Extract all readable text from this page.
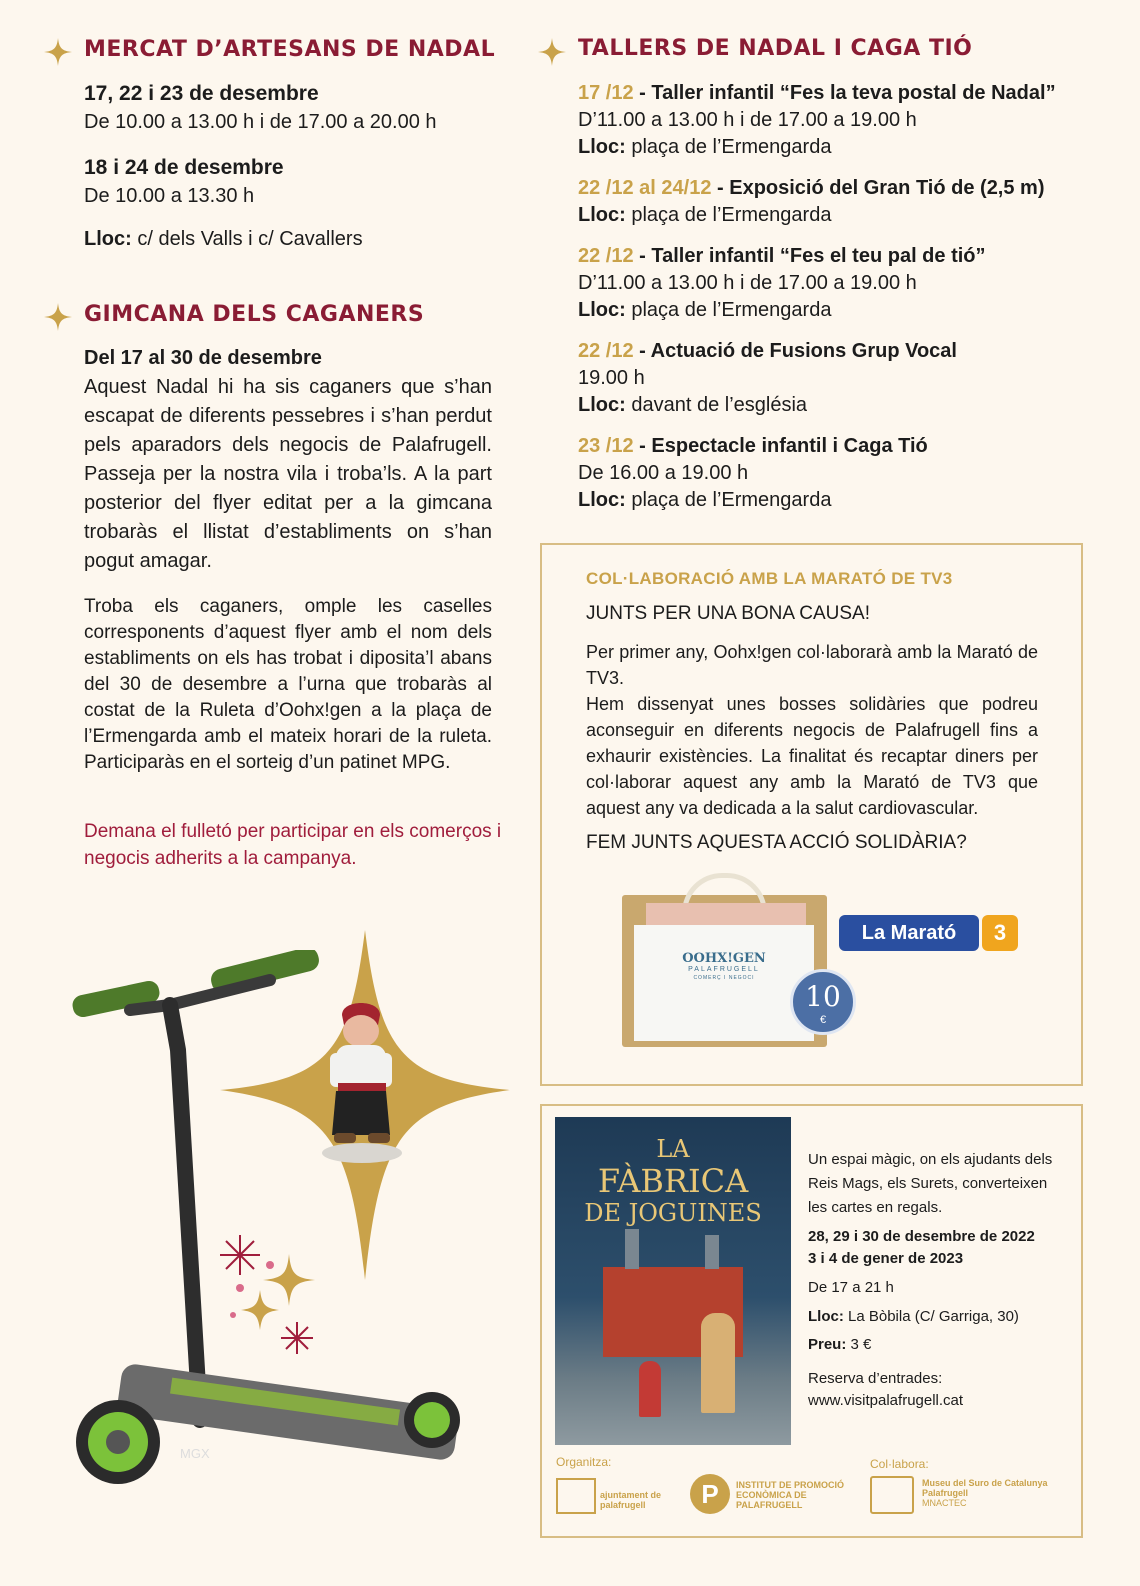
MERCAT D’ARTESANS DE NADAL
17, 22 i 23 de desembre
De 10.00 a 13.00 h i de 17.00 a 20.00 h
18 i 24 de desembre
De 10.00 a 13.30 h
Lloc: c/ dels Valls i c/ Cavallers
GIMCANA DELS CAGANERS
Del 17 al 30 de desembre
Aquest Nadal hi ha sis caganers que s’han escapat de diferents pessebres i s’han perdut pels aparadors dels negocis de Palafrugell. Passeja per la nostra vila i troba’ls. A la part posterior del flyer editat per a la gimcana trobaràs el llistat d’establiments on s’han pogut amagar.
Troba els caganers, omple les caselles corresponents d’aquest flyer amb el nom dels establiments on els has trobat i diposita’l abans del 30 de desembre a l’urna que trobaràs al costat de la Ruleta d’Oohx!gen a la plaça de l’Ermengarda amb el mateix horari de la ruleta. Participaràs en el sorteig d’un patinet MPG.
Demana el fulletó per participar en els comerços i negocis adherits a la campanya.
MGX
TALLERS DE NADAL I CAGA TIÓ
17 /12 - Taller infantil “Fes la teva postal de Nadal”
D’11.00 a 13.00 h i de 17.00 a 19.00 h
Lloc: plaça de l’Ermengarda
22 /12 al 24/12 - Exposició del Gran Tió de (2,5 m)
Lloc: plaça de l’Ermengarda
22 /12 - Taller infantil “Fes el teu pal de tió”
D’11.00 a 13.00 h i de 17.00 a 19.00 h
Lloc: plaça de l’Ermengarda
22 /12 - Actuació de Fusions Grup Vocal
19.00 h
Lloc: davant de l’església
23 /12 - Espectacle infantil i Caga Tió
De 16.00 a 19.00 h
Lloc: plaça de l’Ermengarda
COL·LABORACIÓ AMB LA MARATÓ DE TV3
JUNTS PER UNA BONA CAUSA!
Per primer any, Oohx!gen col·laborarà amb la Marató de TV3.
Hem dissenyat unes bosses solidàries que podreu aconseguir en diferents negocis de Palafrugell fins a exhaurir existències. La finalitat és recaptar diners per col·laborar aquest any amb la Marató de TV3 que aquest any va dedicada a la salut cardiovascular.
FEM JUNTS AQUESTA ACCIÓ SOLIDÀRIA?
OOHX!GEN
PALAFRUGELL
COMERÇ I NEGOCI
10
€
La Marató	3
LA
FÀBRICA
DE JOGUINES
Un espai màgic, on els ajudants dels Reis Mags, els Surets, converteixen les cartes en regals.
28, 29 i 30 de desembre de 2022
3 i 4 de gener de 2023
De 17 a 21 h
Lloc: La Bòbila (C/ Garriga, 30)
Preu: 3 €
Reserva d’entrades:
www.visitpalafrugell.cat
Organitza:	Col·labora:
ajuntament de palafrugell	P	INSTITUT DE PROMOCIÓ ECONÒMICA DE PALAFRUGELL
Museu del Suro de Catalunya
Palafrugell
MNACTEC
